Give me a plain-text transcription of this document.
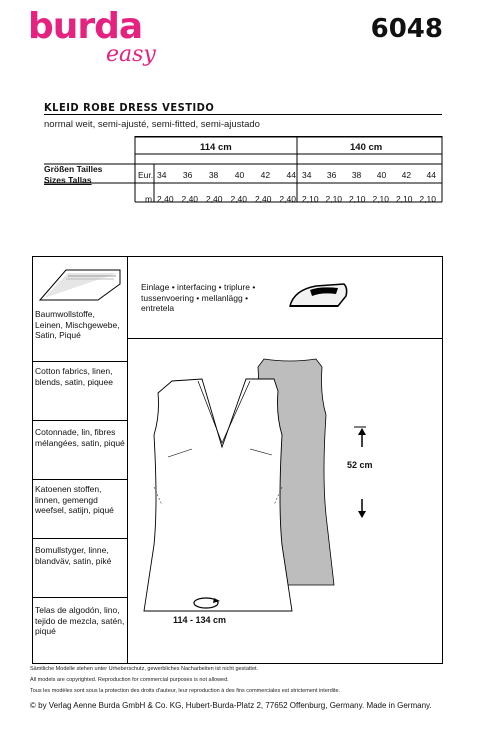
burda
easy
6048
KLEID ROBE DRESS VESTIDO
normal weit, semi-ajusté, semi-fitted, semi-ajustado
114 cm	140 cm
Größen Tailles
Sizes Tallas	Eur.
m
34 36 38 40 42 44 34 36 38 40 42 44
2,40 2,40 2,40 2,40 2,40 2,40 2,10 2,10 2,10 2,10 2,10 2,10
Baumwollstoffe, Leinen, Mischgewebe, Satin, Piqué
Cotton fabrics, linen, blends, satin, piquee
Cotonnade, lin, fibres mélangées, satin, piqué
Katoenen stoffen, linnen, gemengd weefsel, satijn, piqué
Bomullstyger, linne, blandväv, satin, piké
Telas de algodón, lino, tejido de mezcla, satén, piqué
Einlage • interfacing • triplure • tussenvoering • mellanlägg • entretela
52 cm
114 - 134 cm
Sämtliche Modelle stehen unter Urheberschutz, gewerbliches Nacharbeiten ist nicht gestattet.
All models are copyrighted. Reproduction for commercial purposes is not allowed.
Tous les modèles sont sous la protection des droits d'auteur, leur reproduction à des fins commerciales est strictement interdite.
© by Verlag Aenne Burda GmbH & Co. KG, Hubert-Burda-Platz 2, 77652 Offenburg, Germany. Made in Germany.
